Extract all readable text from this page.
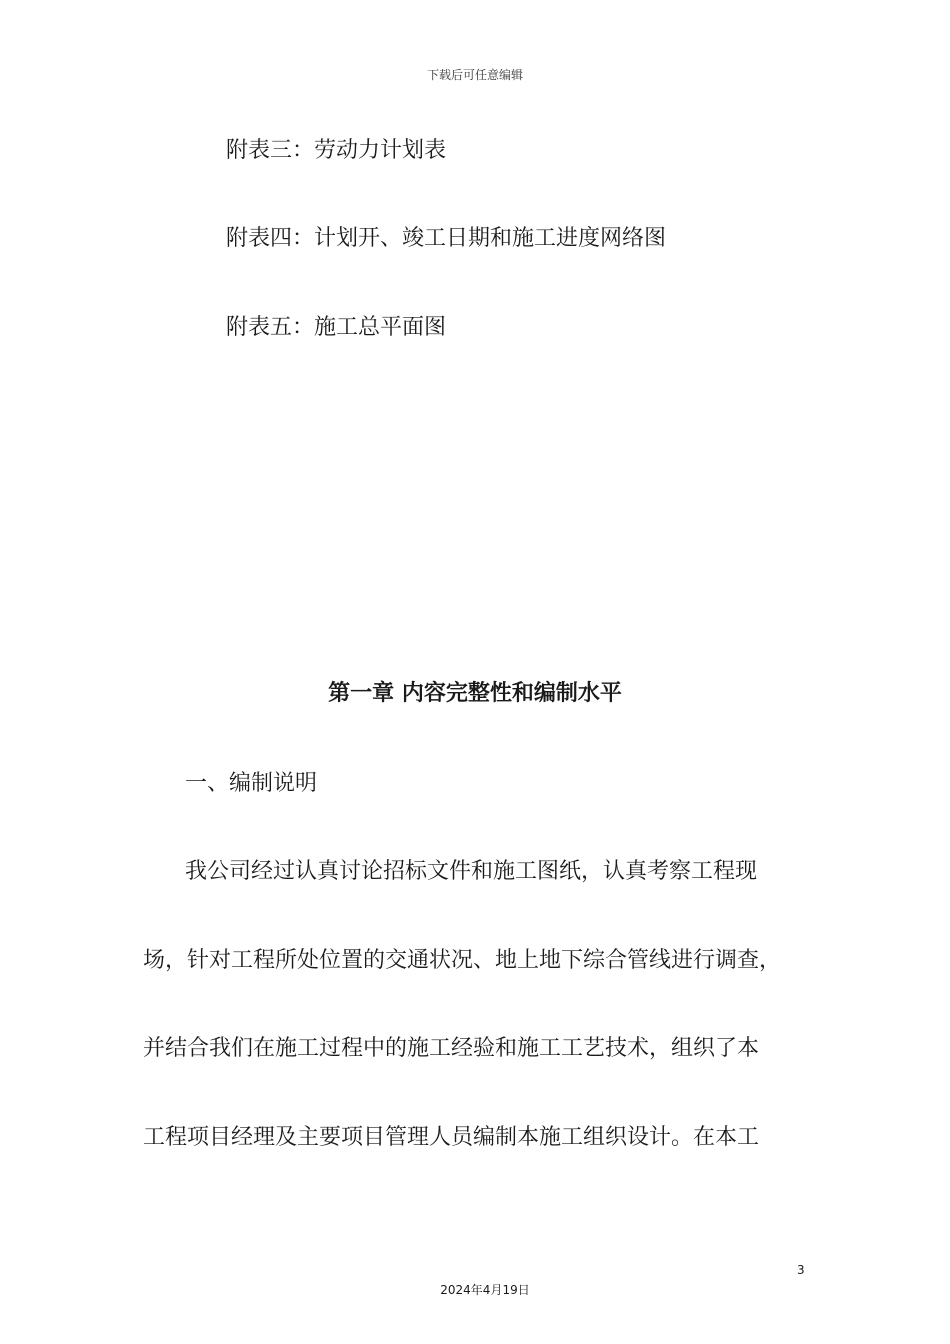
下载后可任意编辑
附表三：劳动力计划表
附表四：计划开、竣工日期和施工进度网络图
附表五：施工总平面图
第一章 内容完整性和编制水平
一、编制说明
我公司经过认真讨论招标文件和施工图纸，认真考察工程现
场，针对工程所处位置的交通状况、地上地下综合管线进行调查，
并结合我们在施工过程中的施工经验和施工工艺技术，组织了本
工程项目经理及主要项目管理人员编制本施工组织设计。在本工
3
2024年4月19日
